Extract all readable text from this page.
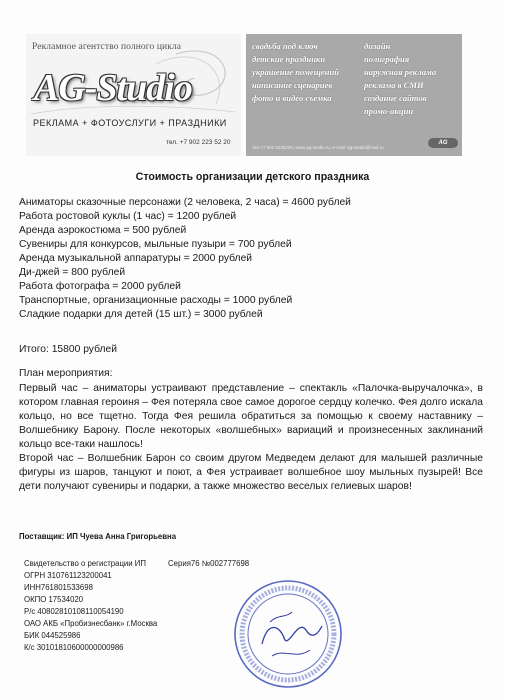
Рекламное агентство полного цикла
AG-Studio
РЕКЛАМА + ФОТОУСЛУГИ + ПРАЗДНИКИ
тел. +7 902 223 52 20
свадьба под ключ
детские праздники
украшение помещений
написание сценариев
фото и видео съемка
дизайн
полиграфия
наружная реклама
реклама в СМИ
создание сайтов
промо-акции
тел.+7 902 2235220, www.ag-studio.ru, e-mail: ag-studio@mail.ru
AG
Стоимость организации детского праздника
Аниматоры сказочные персонажи (2 человека, 2 часа) = 4600 рублей
Работа ростовой куклы (1 час) = 1200 рублей
Аренда аэрокостюма = 500 рублей
Сувениры для конкурсов, мыльные пузыри = 700 рублей
Аренда музыкальной аппаратуры = 2000 рублей
Ди-джей = 800 рублей
Работа фотографа = 2000 рублей
Транспортные, организационные расходы = 1000 рублей
Сладкие подарки для детей (15 шт.) = 3000 рублей
Итого: 15800 рублей
План мероприятия:

Первый час – аниматоры устраивают представление – спектакль «Палочка-выручалочка», в котором главная героиня – Фея потеряла свое самое дорогое сердцу колечко. Фея долго искала кольцо, но все тщетно. Тогда Фея решила обратиться за помощью к своему наставнику – Волшебнику Барону. После некоторых «волшебных» вариаций и произнесенных заклинаний кольцо все-таки нашлось!

Второй час – Волшебник Барон со своим другом Медведем делают для малышей различные фигуры из шаров, танцуют и поют, а Фея устраивает волшебное шоу мыльных пузырей! Все дети получают сувениры и подарки, а также множество веселых гелиевых шаров!

Поставщик: ИП Чуева Анна Григорьевна
Свидетельство о регистрации ИП	Серия76 №002777698
ОГРН 310761123200041
ИНН761801533698
ОКПО 17534020
Р/с 40802810108110054190
ОАО АКБ «Пробизнесбанк» г.Москва
БИК 044525986
К/с 30101810600000000986
